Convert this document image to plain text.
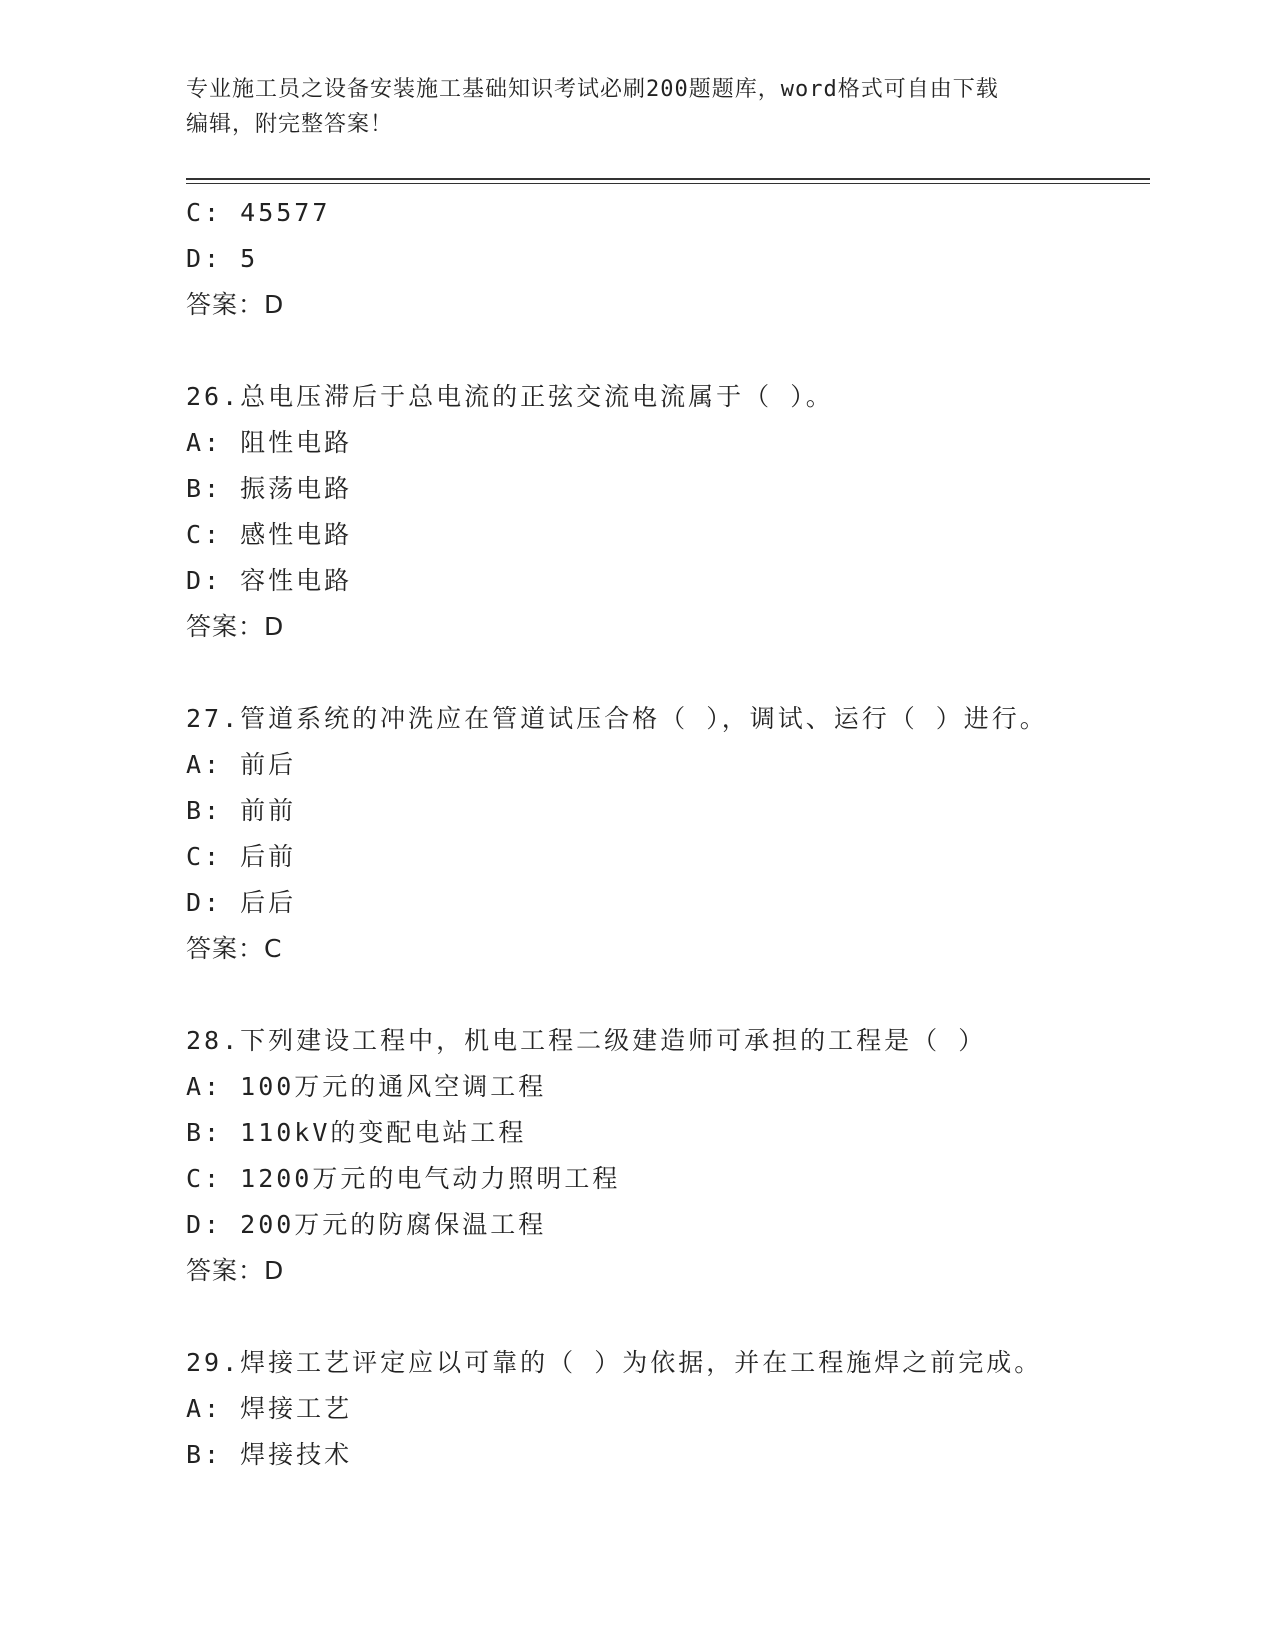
专业施工员之设备安装施工基础知识考试必刷200题题库，word格式可自由下载
编辑，附完整答案！
C: 45577
D: 5
答案：D
26.总电压滞后于总电流的正弦交流电流属于（ ）。
A: 阻性电路
B: 振荡电路
C: 感性电路
D: 容性电路
答案：D
27.管道系统的冲洗应在管道试压合格（ ），调试、运行（ ）进行。
A: 前后
B: 前前
C: 后前
D: 后后
答案：C
28.下列建设工程中，机电工程二级建造师可承担的工程是（ ）
A: 100万元的通风空调工程
B: 110kV的变配电站工程
C: 1200万元的电气动力照明工程
D: 200万元的防腐保温工程
答案：D
29.焊接工艺评定应以可靠的（ ）为依据，并在工程施焊之前完成。
A: 焊接工艺
B: 焊接技术
